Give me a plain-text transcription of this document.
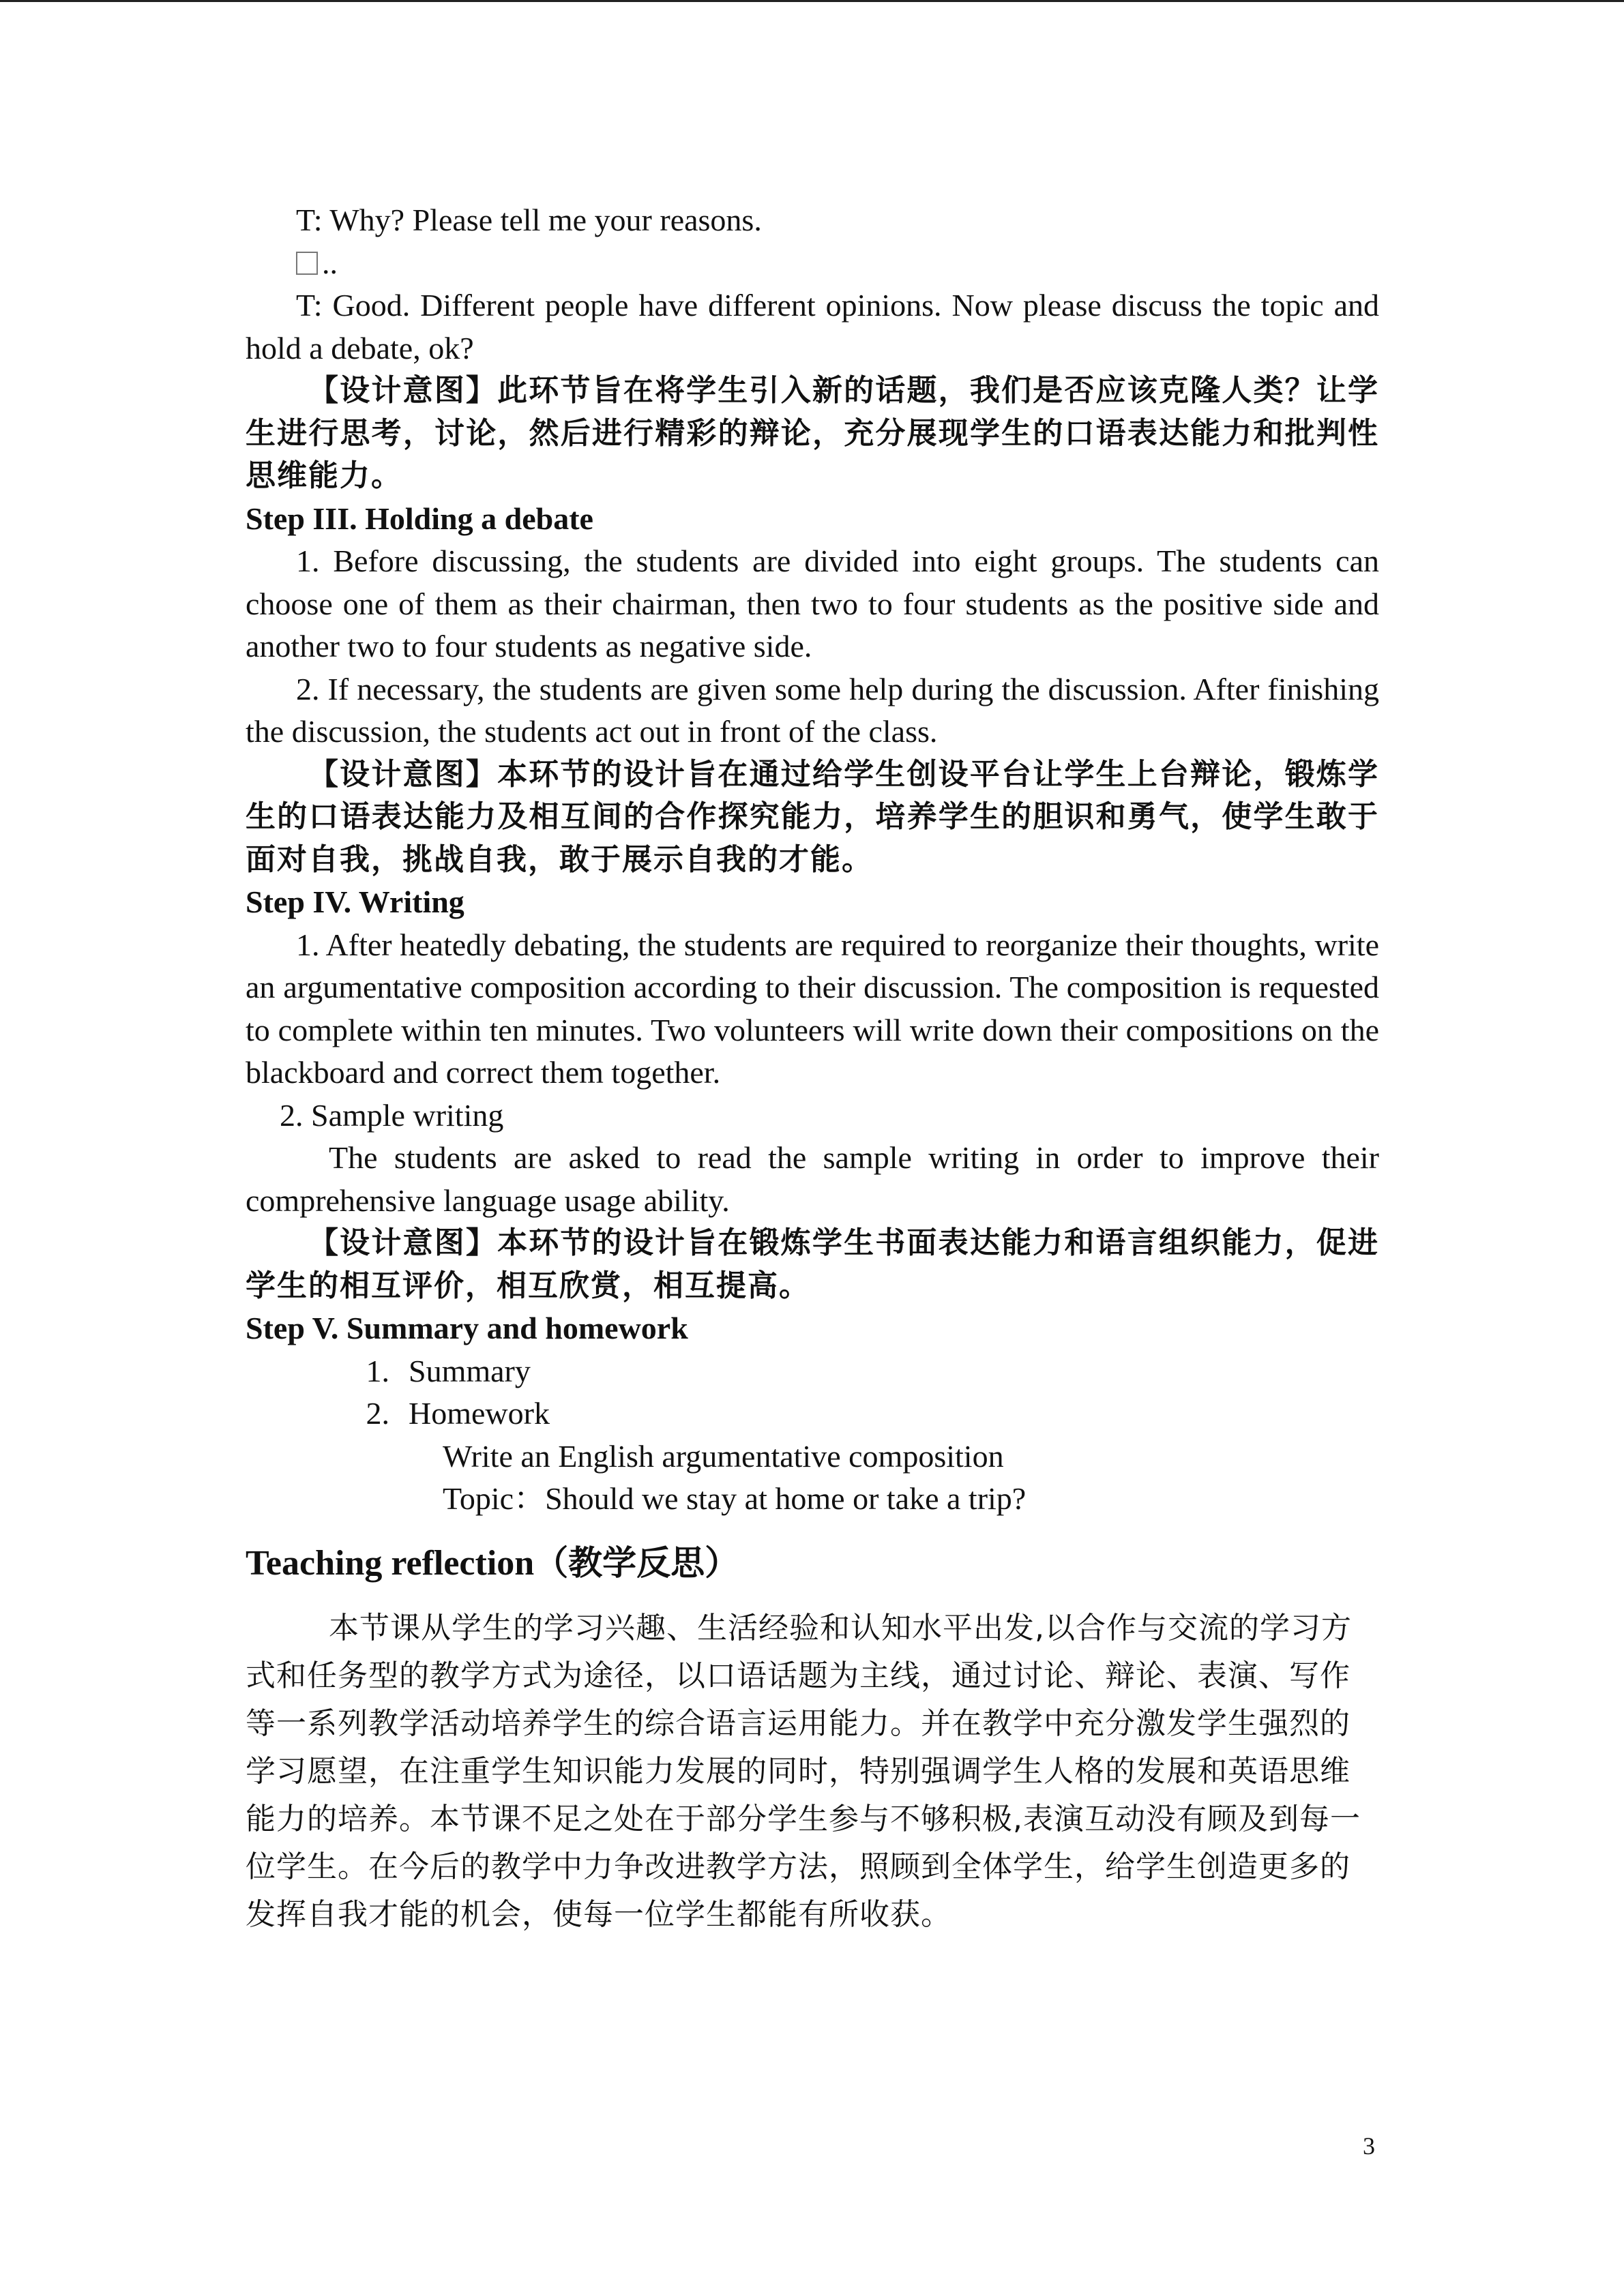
T: Why? Please tell me your reasons.

..

T: Good. Different people have different opinions. Now please discuss the topic and hold a debate, ok?

【设计意图】此环节旨在将学生引入新的话题，我们是否应该克隆人类？让学生进行思考，讨论，然后进行精彩的辩论，充分展现学生的口语表达能力和批判性思维能力。

Step III. Holding a debate

1. Before discussing, the students are divided into eight groups. The students can choose one of them as their chairman, then two to four students as the positive side and another two to four students as negative side.

2. If necessary, the students are given some help during the discussion. After finishing the discussion, the students act out in front of the class.

【设计意图】本环节的设计旨在通过给学生创设平台让学生上台辩论，锻炼学生的口语表达能力及相互间的合作探究能力，培养学生的胆识和勇气，使学生敢于面对自我，挑战自我，敢于展示自我的才能。

Step IV. Writing

1. After heatedly debating, the students are required to reorganize their thoughts, write an argumentative composition according to their discussion. The composition is requested to complete within ten minutes. Two volunteers will write down their compositions on the blackboard and correct them together.

2. Sample writing

The students are asked to read the sample writing in order to improve their comprehensive language usage ability.

【设计意图】本环节的设计旨在锻炼学生书面表达能力和语言组织能力，促进学生的相互评价，相互欣赏，相互提高。

Step V. Summary and homework

1. Summary
2. Homework

Write an English argumentative composition

Topic：Should we stay at home or take a trip?

Teaching reflection（教学反思）

本节课从学生的学习兴趣、生活经验和认知水平出发,以合作与交流的学习方式和任务型的教学方式为途径，以口语话题为主线，通过讨论、辩论、表演、写作等一系列教学活动培养学生的综合语言运用能力。并在教学中充分激发学生强烈的学习愿望，在注重学生知识能力发展的同时，特别强调学生人格的发展和英语思维能力的培养。本节课不足之处在于部分学生参与不够积极,表演互动没有顾及到每一位学生。在今后的教学中力争改进教学方法，照顾到全体学生，给学生创造更多的发挥自我才能的机会，使每一位学生都能有所收获。

3
